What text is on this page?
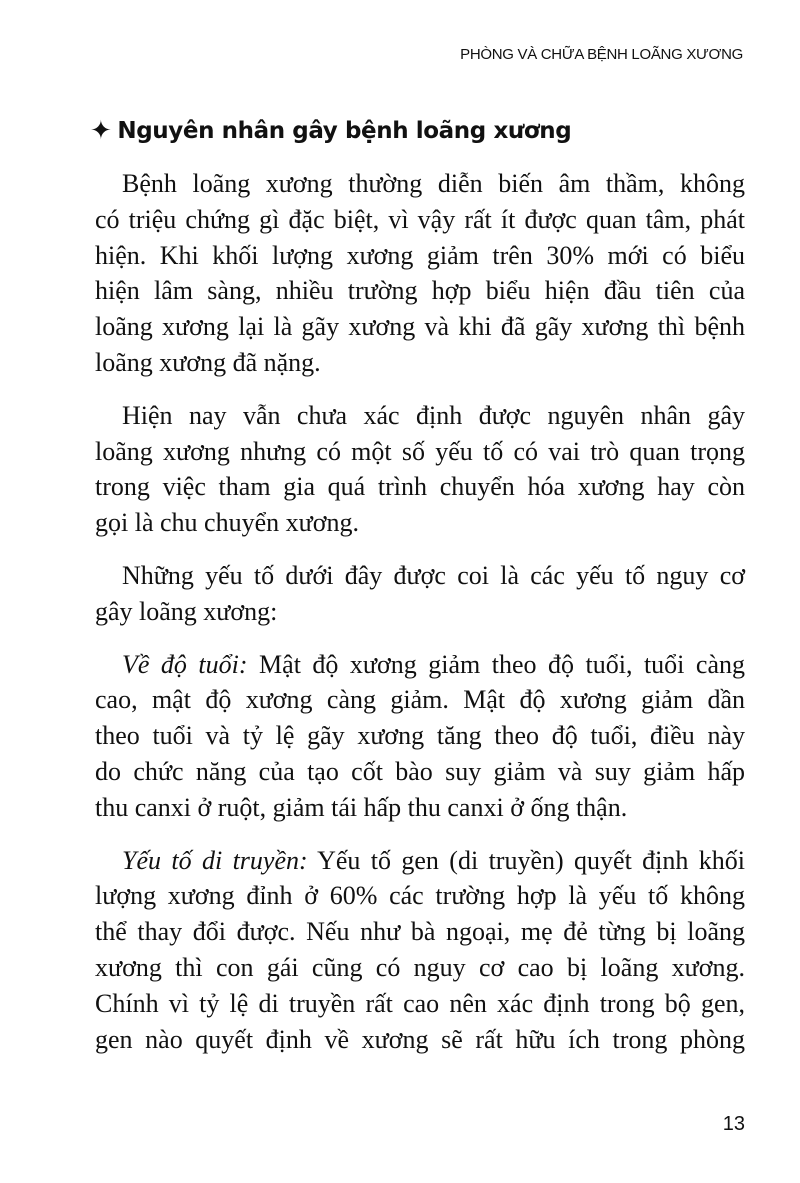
PHÒNG VÀ CHỮA BỆNH LOÃNG XƯƠNG
✦ Nguyên nhân gây bệnh loãng xương
Bệnh loãng xương thường diễn biến âm thầm, không
có triệu chứng gì đặc biệt, vì vậy rất ít được quan tâm, phát
hiện. Khi khối lượng xương giảm trên 30% mới có biểu
hiện lâm sàng, nhiều trường hợp biểu hiện đầu tiên của
loãng xương lại là gãy xương và khi đã gãy xương thì bệnh
loãng xương đã nặng.
Hiện nay vẫn chưa xác định được nguyên nhân gây
loãng xương nhưng có một số yếu tố có vai trò quan trọng
trong việc tham gia quá trình chuyển hóa xương hay còn
gọi là chu chuyển xương.
Những yếu tố dưới đây được coi là các yếu tố nguy cơ
gây loãng xương:
Về độ tuổi: Mật độ xương giảm theo độ tuổi, tuổi càng
cao, mật độ xương càng giảm. Mật độ xương giảm dần
theo tuổi và tỷ lệ gãy xương tăng theo độ tuổi, điều này
do chức năng của tạo cốt bào suy giảm và suy giảm hấp
thu canxi ở ruột, giảm tái hấp thu canxi ở ống thận.
Yếu tố di truyền: Yếu tố gen (di truyền) quyết định khối
lượng xương đỉnh ở 60% các trường hợp là yếu tố không
thể thay đổi được. Nếu như bà ngoại, mẹ đẻ từng bị loãng
xương thì con gái cũng có nguy cơ cao bị loãng xương.
Chính vì tỷ lệ di truyền rất cao nên xác định trong bộ gen,
gen nào quyết định về xương sẽ rất hữu ích trong phòng
13
